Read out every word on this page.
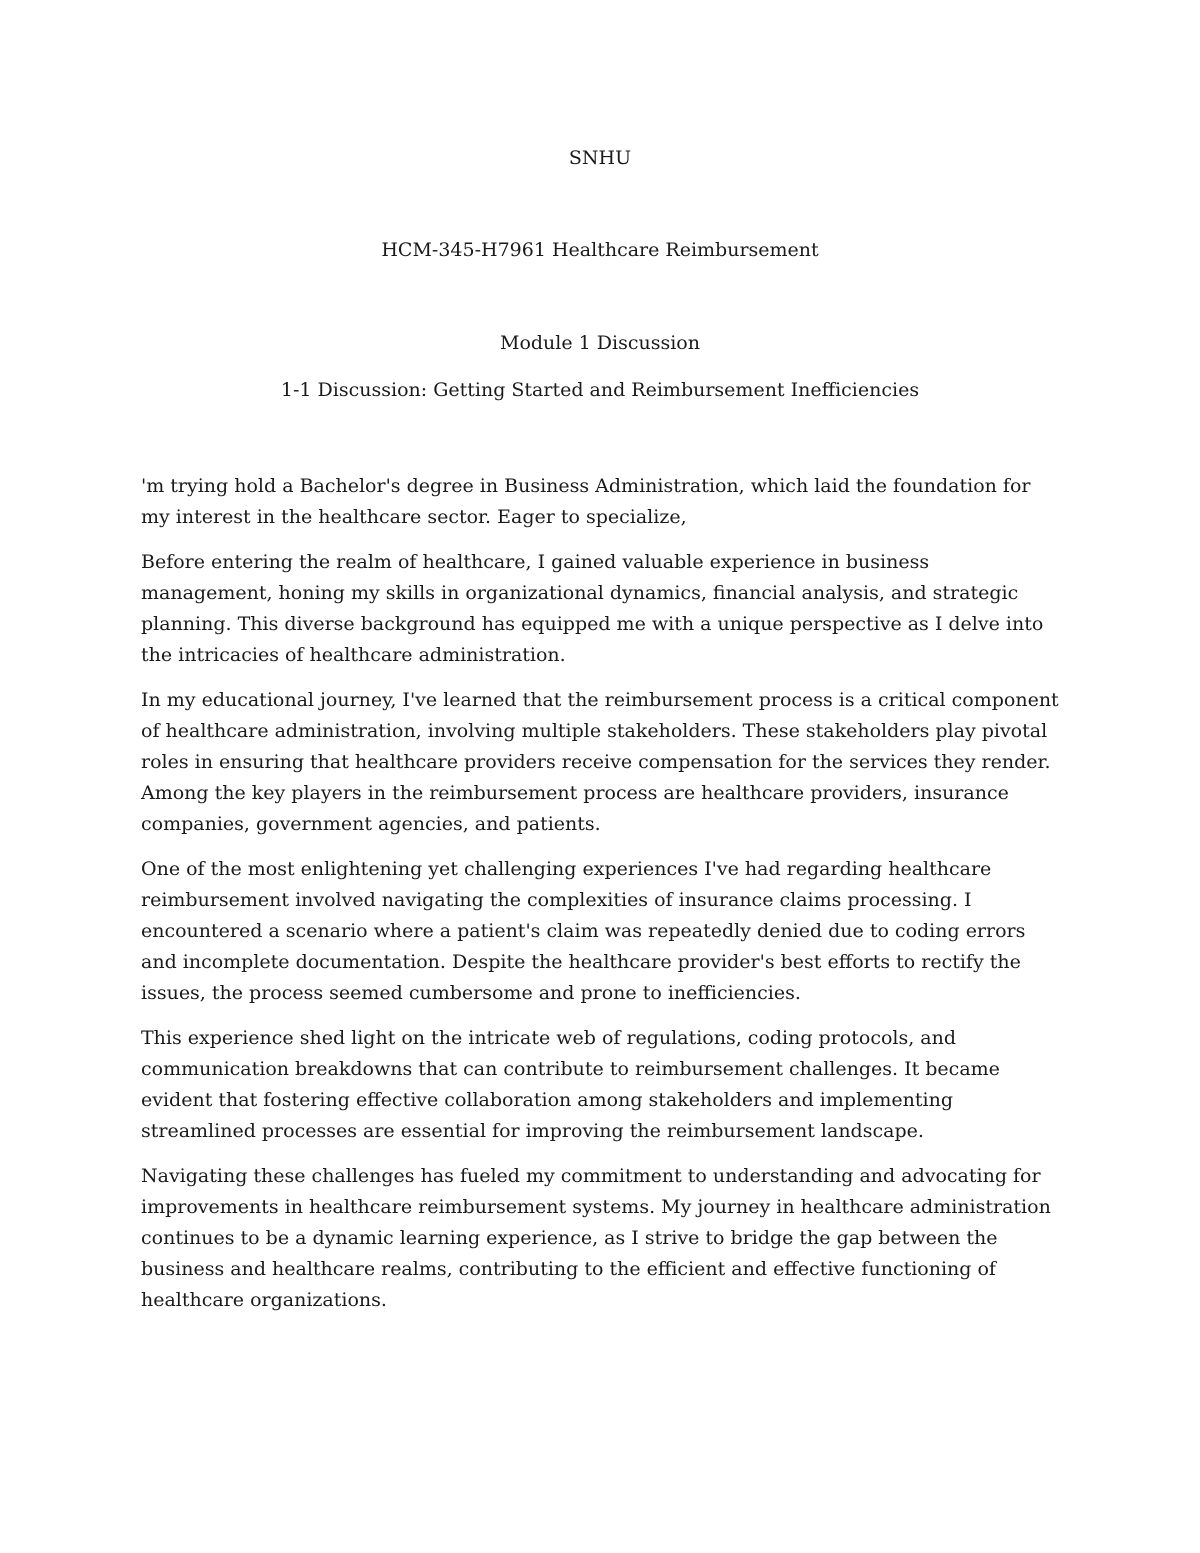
SNHU
HCM-345-H7961 Healthcare Reimbursement
Module 1 Discussion
1-1 Discussion: Getting Started and Reimbursement Inefficiencies

'm trying hold a Bachelor's degree in Business Administration, which laid the foundation for my interest in the healthcare sector. Eager to specialize,

Before entering the realm of healthcare, I gained valuable experience in business management, honing my skills in organizational dynamics, financial analysis, and strategic planning. This diverse background has equipped me with a unique perspective as I delve into the intricacies of healthcare administration.

In my educational journey, I've learned that the reimbursement process is a critical component of healthcare administration, involving multiple stakeholders. These stakeholders play pivotal roles in ensuring that healthcare providers receive compensation for the services they render. Among the key players in the reimbursement process are healthcare providers, insurance companies, government agencies, and patients.

One of the most enlightening yet challenging experiences I've had regarding healthcare reimbursement involved navigating the complexities of insurance claims processing. I encountered a scenario where a patient's claim was repeatedly denied due to coding errors and incomplete documentation. Despite the healthcare provider's best efforts to rectify the issues, the process seemed cumbersome and prone to inefficiencies.

This experience shed light on the intricate web of regulations, coding protocols, and communication breakdowns that can contribute to reimbursement challenges. It became evident that fostering effective collaboration among stakeholders and implementing streamlined processes are essential for improving the reimbursement landscape.

Navigating these challenges has fueled my commitment to understanding and advocating for improvements in healthcare reimbursement systems. My journey in healthcare administration continues to be a dynamic learning experience, as I strive to bridge the gap between the business and healthcare realms, contributing to the efficient and effective functioning of healthcare organizations.
